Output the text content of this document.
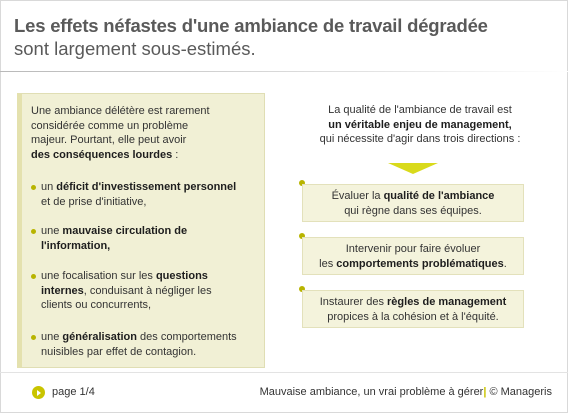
Les effets néfastes d'une ambiance de travail dégradée
sont largement sous-estimés.
Une ambiance délétère est rarement
considérée comme un problème
majeur. Pourtant, elle peut avoir
des conséquences lourdes :
un déficit d'investissement personnel
et de prise d'initiative,
une mauvaise circulation de
l'information,
une focalisation sur les questions
internes, conduisant à négliger les
clients ou concurrents,
une généralisation des comportements
nuisibles par effet de contagion.
La qualité de l'ambiance de travail est
un véritable enjeu de management,
qui nécessite d'agir dans trois directions :
Évaluer la qualité de l'ambiance
qui règne dans ses équipes.
Intervenir pour faire évoluer
les comportements problématiques.
Instaurer des règles de management
propices à la cohésion et à l'équité.
page 1/4	Mauvaise ambiance, un vrai problème à gérer| © Manageris
